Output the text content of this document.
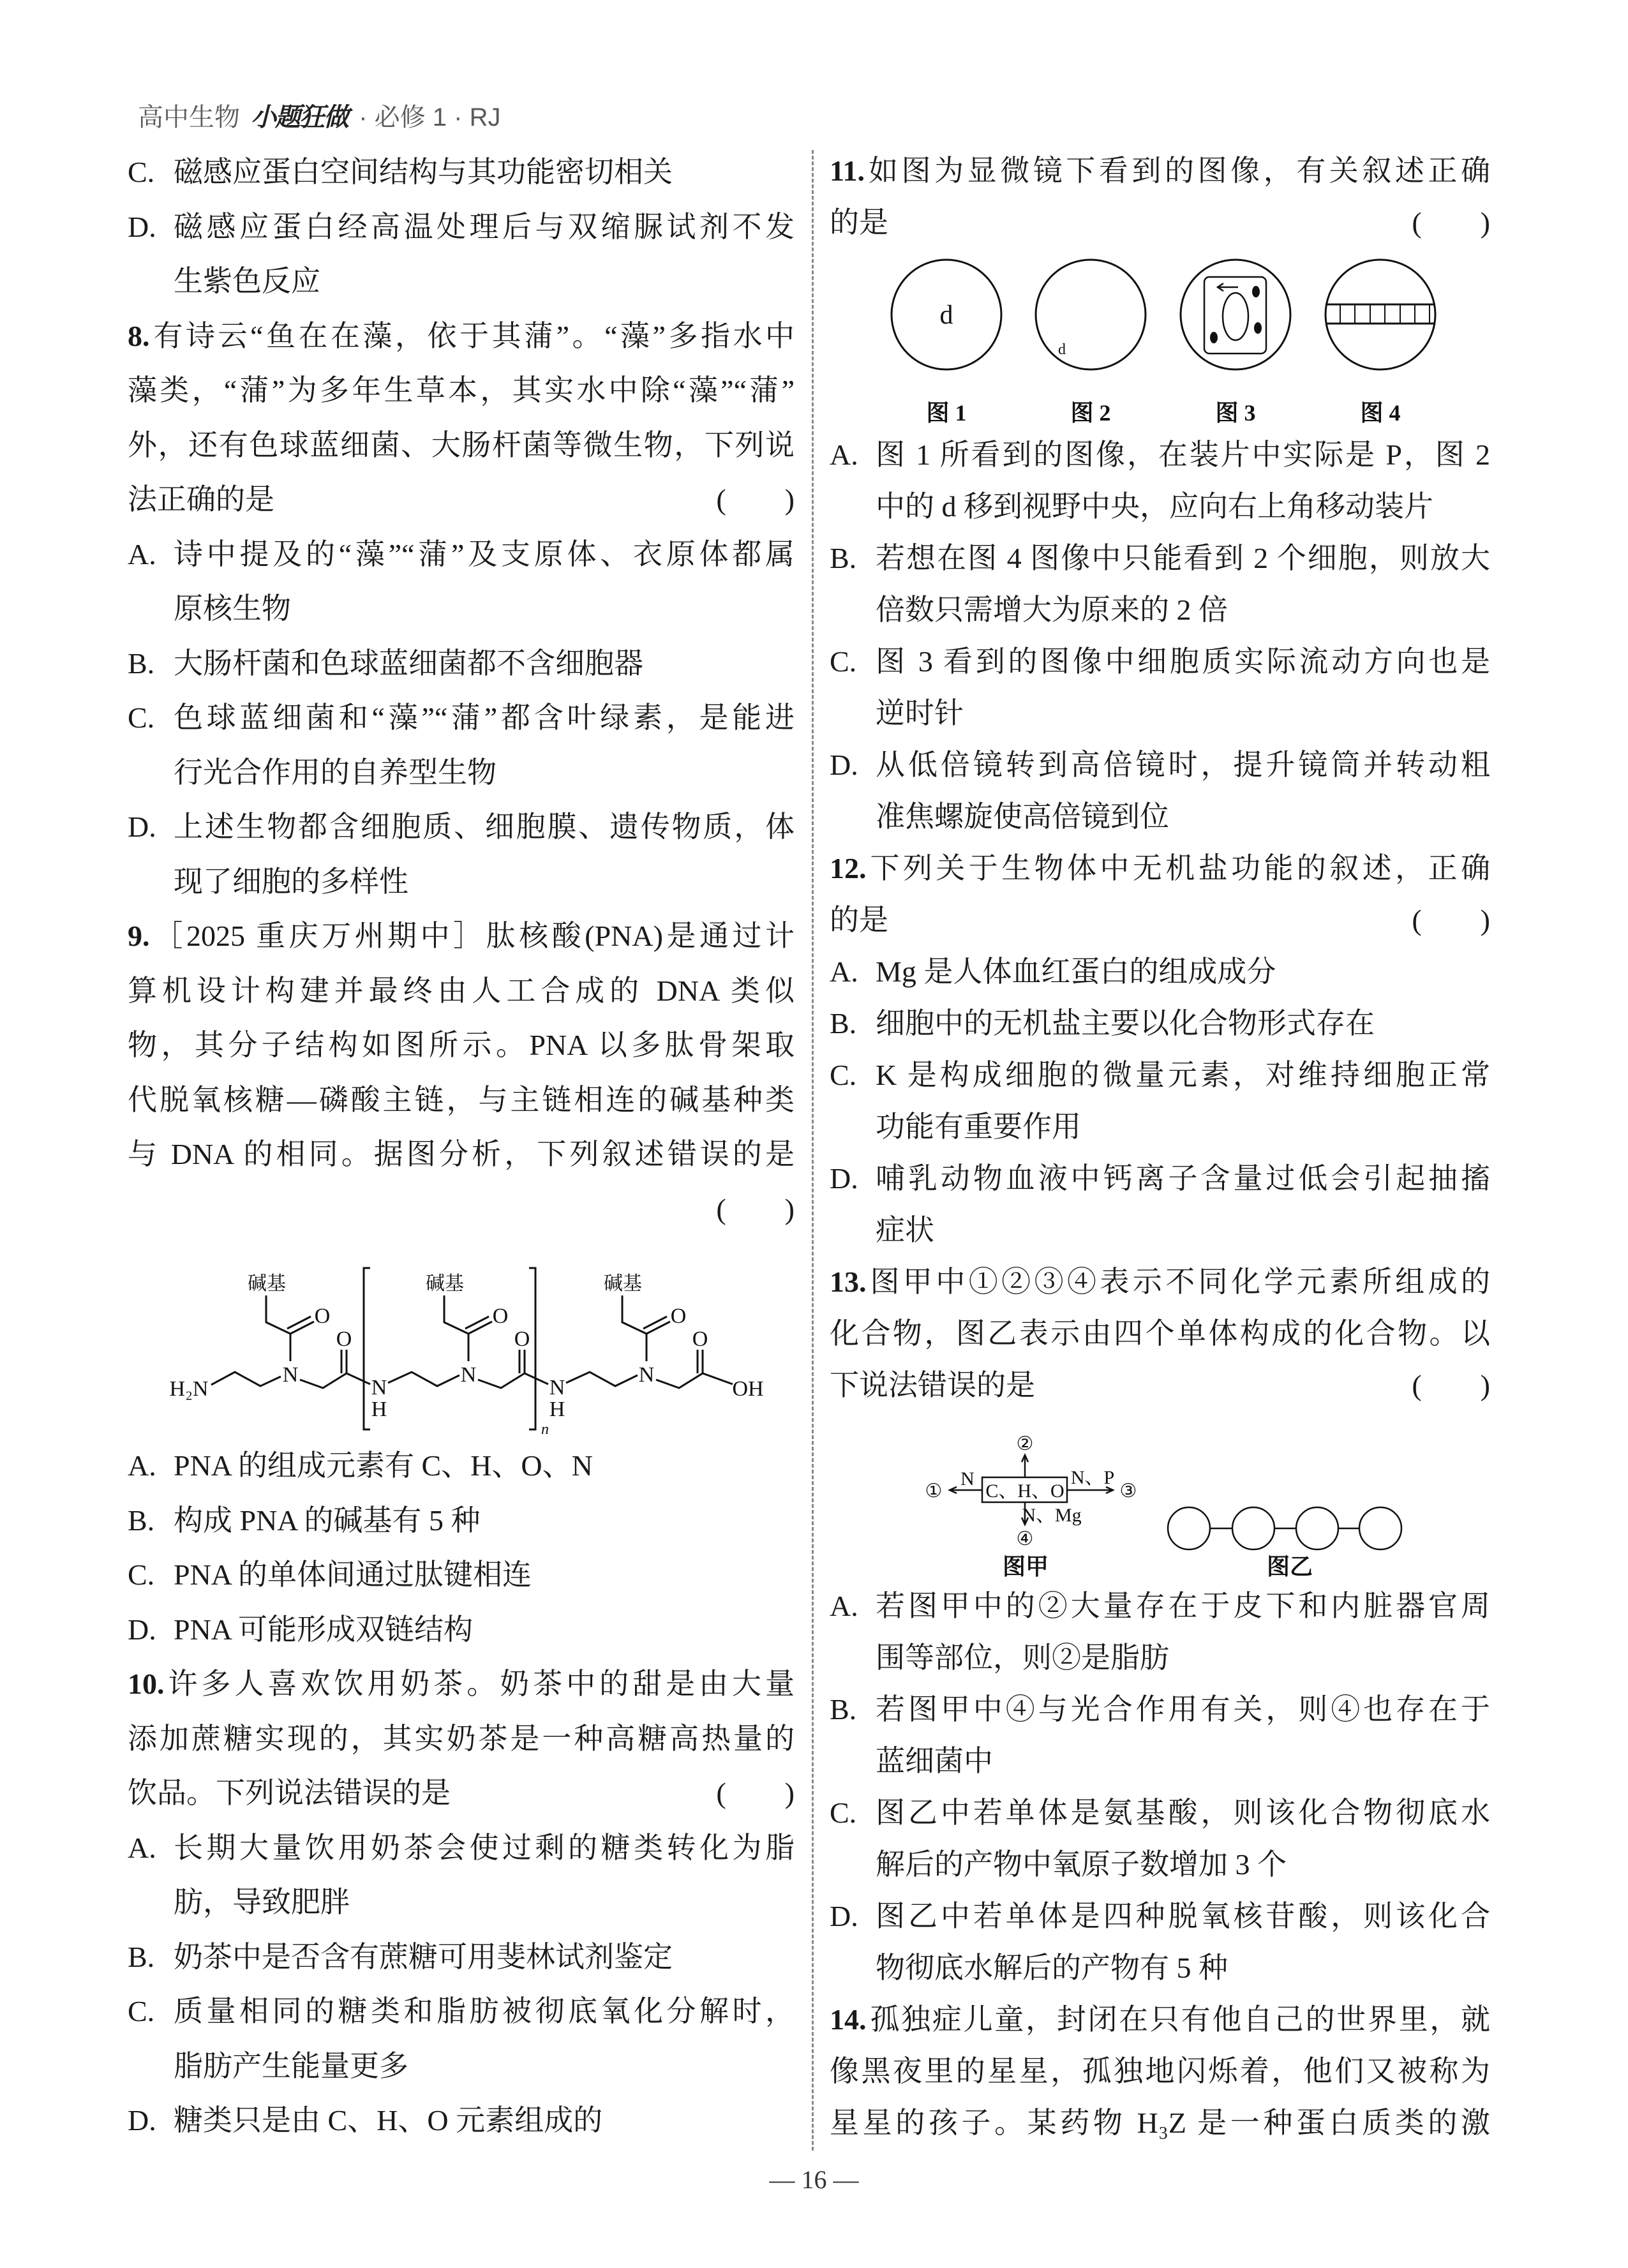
高中生物 小题狂做 · 必修 1 · RJ
C. 磁感应蛋白空间结构与其功能密切相关
D. 磁感应蛋白经高温处理后与双缩脲试剂不发
生紫色反应
8. 有诗云“鱼在在藻，依于其蒲”。“藻”多指水中
藻类，“蒲”为多年生草本，其实水中除“藻”“蒲”
外，还有色球蓝细菌、大肠杆菌等微生物，下列说
(　　)
法正确的是
A. 诗中提及的“藻”“蒲”及支原体、衣原体都属
原核生物
B. 大肠杆菌和色球蓝细菌都不含细胞器
C. 色球蓝细菌和“藻”“蒲”都含叶绿素，是能进
行光合作用的自养型生物
D. 上述生物都含细胞质、细胞膜、遗传物质，体
现了细胞的多样性
9. ［2025 重庆万州期中］肽核酸(PNA)是通过计
算机设计构建并最终由人工合成的 DNA 类似
物，其分子结构如图所示。PNA 以多肽骨架取
代脱氧核糖—磷酸主链，与主链相连的碱基种类
与 DNA 的相同。据图分析，下列叙述错误的是
(　　)
H₂N
N	N	N
O	O	O
O	O	O
N
H
N
H
OH
碱基	碱基	碱基
n
A. PNA 的组成元素有 C、H、O、N
B. 构成 PNA 的碱基有 5 种
C. PNA 的单体间通过肽键相连
D. PNA 可能形成双链结构
10. 许多人喜欢饮用奶茶。奶茶中的甜是由大量
添加蔗糖实现的，其实奶茶是一种高糖高热量的
(　　)
饮品。下列说法错误的是
A. 长期大量饮用奶茶会使过剩的糖类转化为脂
肪，导致肥胖
B. 奶茶中是否含有蔗糖可用斐林试剂鉴定
C. 质量相同的糖类和脂肪被彻底氧化分解时，
脂肪产生能量更多
D. 糖类只是由 C、H、O 元素组成的
11. 如图为显微镜下看到的图像，有关叙述正确
(　　)
的是
d
d
图 1	图 2	图 3	图 4
A. 图 1 所看到的图像，在装片中实际是 P，图 2
中的 d 移到视野中央，应向右上角移动装片
B. 若想在图 4 图像中只能看到 2 个细胞，则放大
倍数只需增大为原来的 2 倍
C. 图 3 看到的图像中细胞质实际流动方向也是
逆时针
D. 从低倍镜转到高倍镜时，提升镜筒并转动粗
准焦螺旋使高倍镜到位
12. 下列关于生物体中无机盐功能的叙述，正确
(　　)
的是
A. Mg 是人体血红蛋白的组成成分
B. 细胞中的无机盐主要以化合物形式存在
C. K 是构成细胞的微量元素，对维持细胞正常
功能有重要作用
D. 哺乳动物血液中钙离子含量过低会引起抽搐
症状
13. 图甲中①②③④表示不同化学元素所组成的
化合物，图乙表示由四个单体构成的化合物。以
(　　)
下说法错误的是
C、H、O
①
②
③
④
N	N、P
N、Mg
图甲	图乙
A. 若图甲中的②大量存在于皮下和内脏器官周
围等部位，则②是脂肪
B. 若图甲中④与光合作用有关，则④也存在于
蓝细菌中
C. 图乙中若单体是氨基酸，则该化合物彻底水
解后的产物中氧原子数增加 3 个
D. 图乙中若单体是四种脱氧核苷酸，则该化合
物彻底水解后的产物有 5 种
14. 孤独症儿童，封闭在只有他自己的世界里，就
像黑夜里的星星，孤独地闪烁着，他们又被称为
星星的孩子。某药物 H₃Z 是一种蛋白质类的激
— 16 —
